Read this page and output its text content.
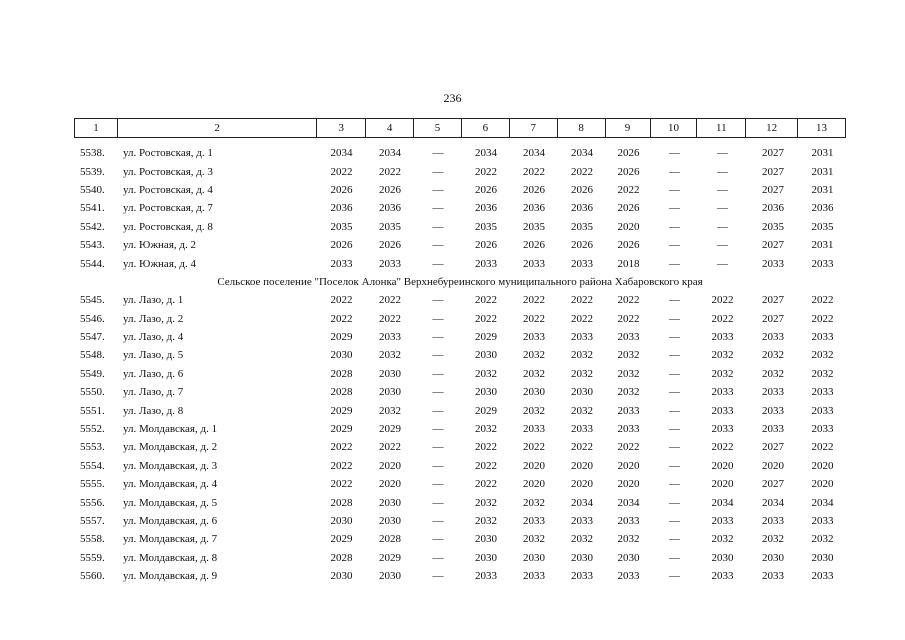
236
1	2	3	4	5	6	7	8	9	10	11	12	13
5538.	ул. Ростовская, д. 1	2034	2034	—	2034	2034	2034	2026	—	—	2027	2031
5539.	ул. Ростовская, д. 3	2022	2022	—	2022	2022	2022	2026	—	—	2027	2031
5540.	ул. Ростовская, д. 4	2026	2026	—	2026	2026	2026	2022	—	—	2027	2031
5541.	ул. Ростовская, д. 7	2036	2036	—	2036	2036	2036	2026	—	—	2036	2036
5542.	ул. Ростовская, д. 8	2035	2035	—	2035	2035	2035	2020	—	—	2035	2035
5543.	ул. Южная, д. 2	2026	2026	—	2026	2026	2026	2026	—	—	2027	2031
5544.	ул. Южная, д. 4	2033	2033	—	2033	2033	2033	2018	—	—	2033	2033
Сельское поселение "Поселок Алонка" Верхнебуреинского муниципального района Хабаровского края
5545.	ул. Лазо, д. 1	2022	2022	—	2022	2022	2022	2022	—	2022	2027	2022
5546.	ул. Лазо, д. 2	2022	2022	—	2022	2022	2022	2022	—	2022	2027	2022
5547.	ул. Лазо, д. 4	2029	2033	—	2029	2033	2033	2033	—	2033	2033	2033
5548.	ул. Лазо, д. 5	2030	2032	—	2030	2032	2032	2032	—	2032	2032	2032
5549.	ул. Лазо, д. 6	2028	2030	—	2032	2032	2032	2032	—	2032	2032	2032
5550.	ул. Лазо, д. 7	2028	2030	—	2030	2030	2030	2032	—	2033	2033	2033
5551.	ул. Лазо, д. 8	2029	2032	—	2029	2032	2032	2033	—	2033	2033	2033
5552.	ул. Молдавская, д. 1	2029	2029	—	2032	2033	2033	2033	—	2033	2033	2033
5553.	ул. Молдавская, д. 2	2022	2022	—	2022	2022	2022	2022	—	2022	2027	2022
5554.	ул. Молдавская, д. 3	2022	2020	—	2022	2020	2020	2020	—	2020	2020	2020
5555.	ул. Молдавская, д. 4	2022	2020	—	2022	2020	2020	2020	—	2020	2027	2020
5556.	ул. Молдавская, д. 5	2028	2030	—	2032	2032	2034	2034	—	2034	2034	2034
5557.	ул. Молдавская, д. 6	2030	2030	—	2032	2033	2033	2033	—	2033	2033	2033
5558.	ул. Молдавская, д. 7	2029	2028	—	2030	2032	2032	2032	—	2032	2032	2032
5559.	ул. Молдавская, д. 8	2028	2029	—	2030	2030	2030	2030	—	2030	2030	2030
5560.	ул. Молдавская, д. 9	2030	2030	—	2033	2033	2033	2033	—	2033	2033	2033
